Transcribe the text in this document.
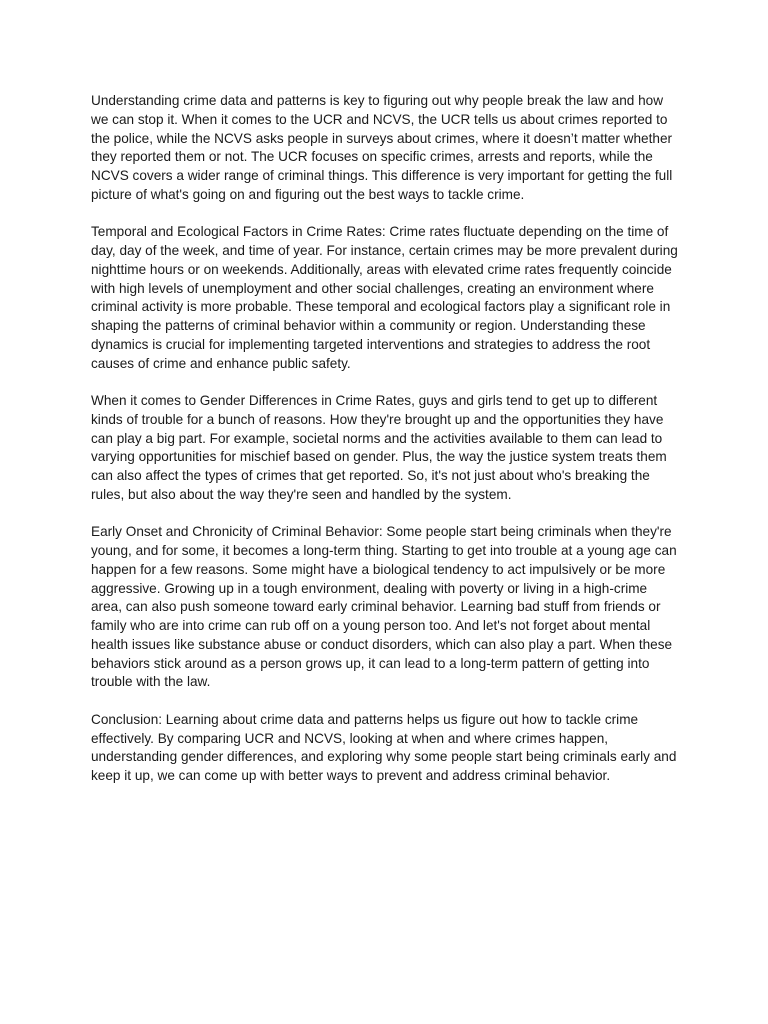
Understanding crime data and patterns is key to figuring out why people break the law and how we can stop it. When it comes to the UCR and NCVS, the UCR tells us about crimes reported to the police, while the NCVS asks people in surveys about crimes, where it doesn’t matter whether they reported them or not. The UCR focuses on specific crimes, arrests and reports, while the NCVS covers a wider range of criminal things. This difference is very important for getting the full picture of what's going on and figuring out the best ways to tackle crime.

Temporal and Ecological Factors in Crime Rates: Crime rates fluctuate depending on the time of day, day of the week, and time of year. For instance, certain crimes may be more prevalent during nighttime hours or on weekends. Additionally, areas with elevated crime rates frequently coincide with high levels of unemployment and other social challenges, creating an environment where criminal activity is more probable. These temporal and ecological factors play a significant role in shaping the patterns of criminal behavior within a community or region. Understanding these dynamics is crucial for implementing targeted interventions and strategies to address the root causes of crime and enhance public safety.

When it comes to Gender Differences in Crime Rates, guys and girls tend to get up to different kinds of trouble for a bunch of reasons. How they're brought up and the opportunities they have can play a big part. For example, societal norms and the activities available to them can lead to varying opportunities for mischief based on gender. Plus, the way the justice system treats them can also affect the types of crimes that get reported. So, it's not just about who's breaking the rules, but also about the way they're seen and handled by the system.

Early Onset and Chronicity of Criminal Behavior: Some people start being criminals when they're young, and for some, it becomes a long-term thing. Starting to get into trouble at a young age can happen for a few reasons. Some might have a biological tendency to act impulsively or be more aggressive. Growing up in a tough environment, dealing with poverty or living in a high-crime area, can also push someone toward early criminal behavior. Learning bad stuff from friends or family who are into crime can rub off on a young person too. And let's not forget about mental health issues like substance abuse or conduct disorders, which can also play a part. When these behaviors stick around as a person grows up, it can lead to a long-term pattern of getting into trouble with the law.

Conclusion: Learning about crime data and patterns helps us figure out how to tackle crime effectively. By comparing UCR and NCVS, looking at when and where crimes happen, understanding gender differences, and exploring why some people start being criminals early and keep it up, we can come up with better ways to prevent and address criminal behavior.
